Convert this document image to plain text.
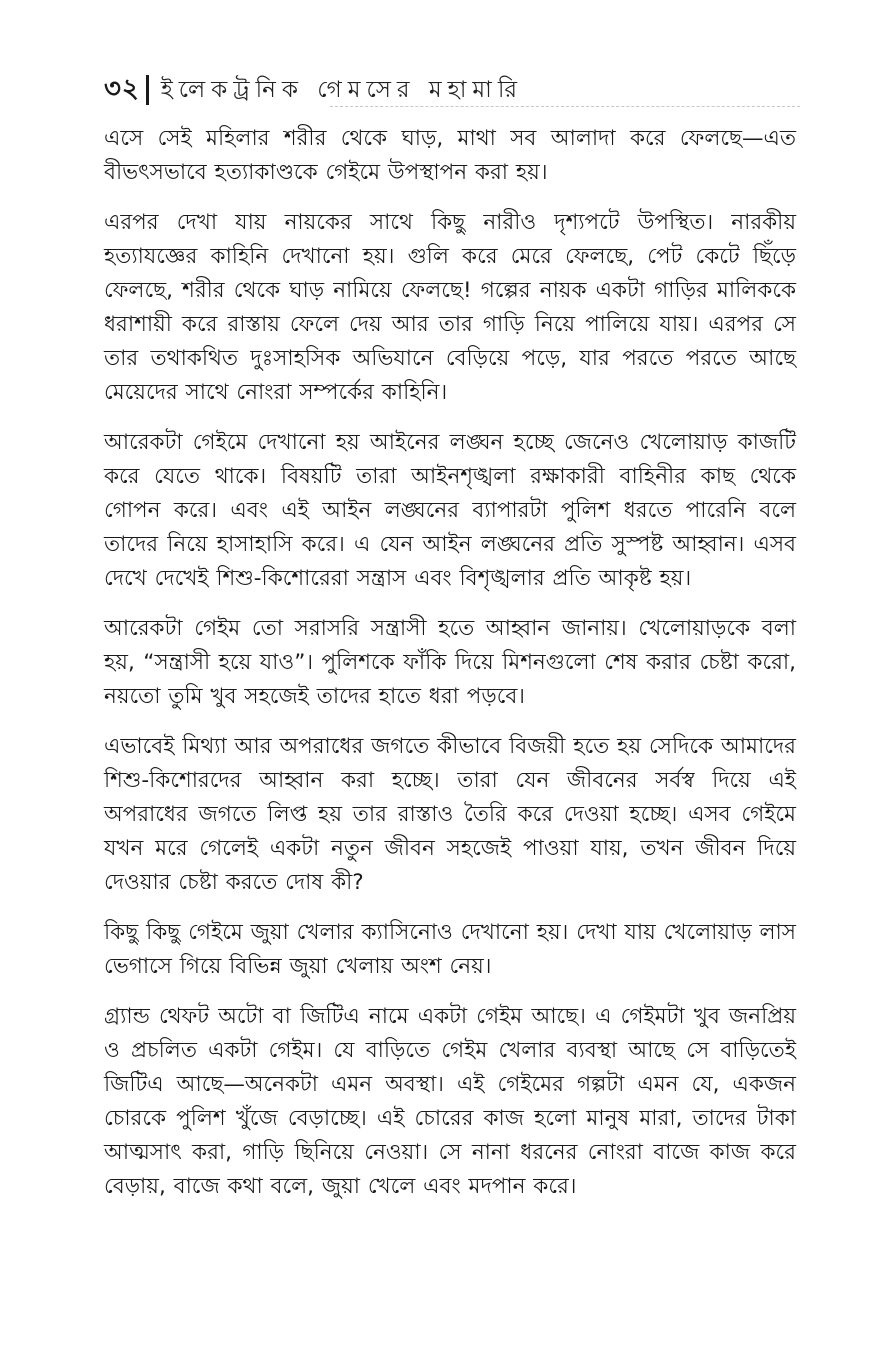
৩২ ইলেকট্রনিক গেমসের মহামারি

এসে সেই মহিলার শরীর থেকে ঘাড়, মাথা সব আলাদা করে ফেলছে—এত বীভৎসভাবে হত্যাকাণ্ডকে গেইমে উপস্থাপন করা হয়।

এরপর দেখা যায় নায়কের সাথে কিছু নারীও দৃশ্যপটে উপস্থিত। নারকীয় হত্যাযজ্ঞের কাহিনি দেখানো হয়। গুলি করে মেরে ফেলছে, পেট কেটে ছিঁড়ে ফেলছে, শরীর থেকে ঘাড় নামিয়ে ফেলছে! গল্পের নায়ক একটা গাড়ির মালিককে ধরাশায়ী করে রাস্তায় ফেলে দেয় আর তার গাড়ি নিয়ে পালিয়ে যায়। এরপর সে তার তথাকথিত দুঃসাহসিক অভিযানে বেড়িয়ে পড়ে, যার পরতে পরতে আছে মেয়েদের সাথে নোংরা সম্পর্কের কাহিনি।

আরেকটা গেইমে দেখানো হয় আইনের লঙ্ঘন হচ্ছে জেনেও খেলোয়াড় কাজটি করে যেতে থাকে। বিষয়টি তারা আইনশৃঙ্খলা রক্ষাকারী বাহিনীর কাছ থেকে গোপন করে। এবং এই আইন লঙ্ঘনের ব্যাপারটা পুলিশ ধরতে পারেনি বলে তাদের নিয়ে হাসাহাসি করে। এ যেন আইন লঙ্ঘনের প্রতি সুস্পষ্ট আহ্বান। এসব দেখে দেখেই শিশু-কিশোরেরা সন্ত্রাস এবং বিশৃঙ্খলার প্রতি আকৃষ্ট হয়।

আরেকটা গেইম তো সরাসরি সন্ত্রাসী হতে আহ্বান জানায়। খেলোয়াড়কে বলা হয়, “সন্ত্রাসী হয়ে যাও”। পুলিশকে ফাঁকি দিয়ে মিশনগুলো শেষ করার চেষ্টা করো, নয়তো তুমি খুব সহজেই তাদের হাতে ধরা পড়বে।

এভাবেই মিথ্যা আর অপরাধের জগতে কীভাবে বিজয়ী হতে হয় সেদিকে আমাদের শিশু-কিশোরদের আহ্বান করা হচ্ছে। তারা যেন জীবনের সর্বস্ব দিয়ে এই অপরাধের জগতে লিপ্ত হয় তার রাস্তাও তৈরি করে দেওয়া হচ্ছে। এসব গেইমে যখন মরে গেলেই একটা নতুন জীবন সহজেই পাওয়া যায়, তখন জীবন দিয়ে দেওয়ার চেষ্টা করতে দোষ কী?

কিছু কিছু গেইমে জুয়া খেলার ক্যাসিনোও দেখানো হয়। দেখা যায় খেলোয়াড় লাস ভেগাসে গিয়ে বিভিন্ন জুয়া খেলায় অংশ নেয়।

গ্র্যান্ড থেফট অটো বা জিটিএ নামে একটা গেইম আছে। এ গেইমটা খুব জনপ্রিয় ও প্রচলিত একটা গেইম। যে বাড়িতে গেইম খেলার ব্যবস্থা আছে সে বাড়িতেই জিটিএ আছে—অনেকটা এমন অবস্থা। এই গেইমের গল্পটা এমন যে, একজন চোরকে পুলিশ খুঁজে বেড়াচ্ছে। এই চোরের কাজ হলো মানুষ মারা, তাদের টাকা আত্মসাৎ করা, গাড়ি ছিনিয়ে নেওয়া। সে নানা ধরনের নোংরা বাজে কাজ করে বেড়ায়, বাজে কথা বলে, জুয়া খেলে এবং মদপান করে।
